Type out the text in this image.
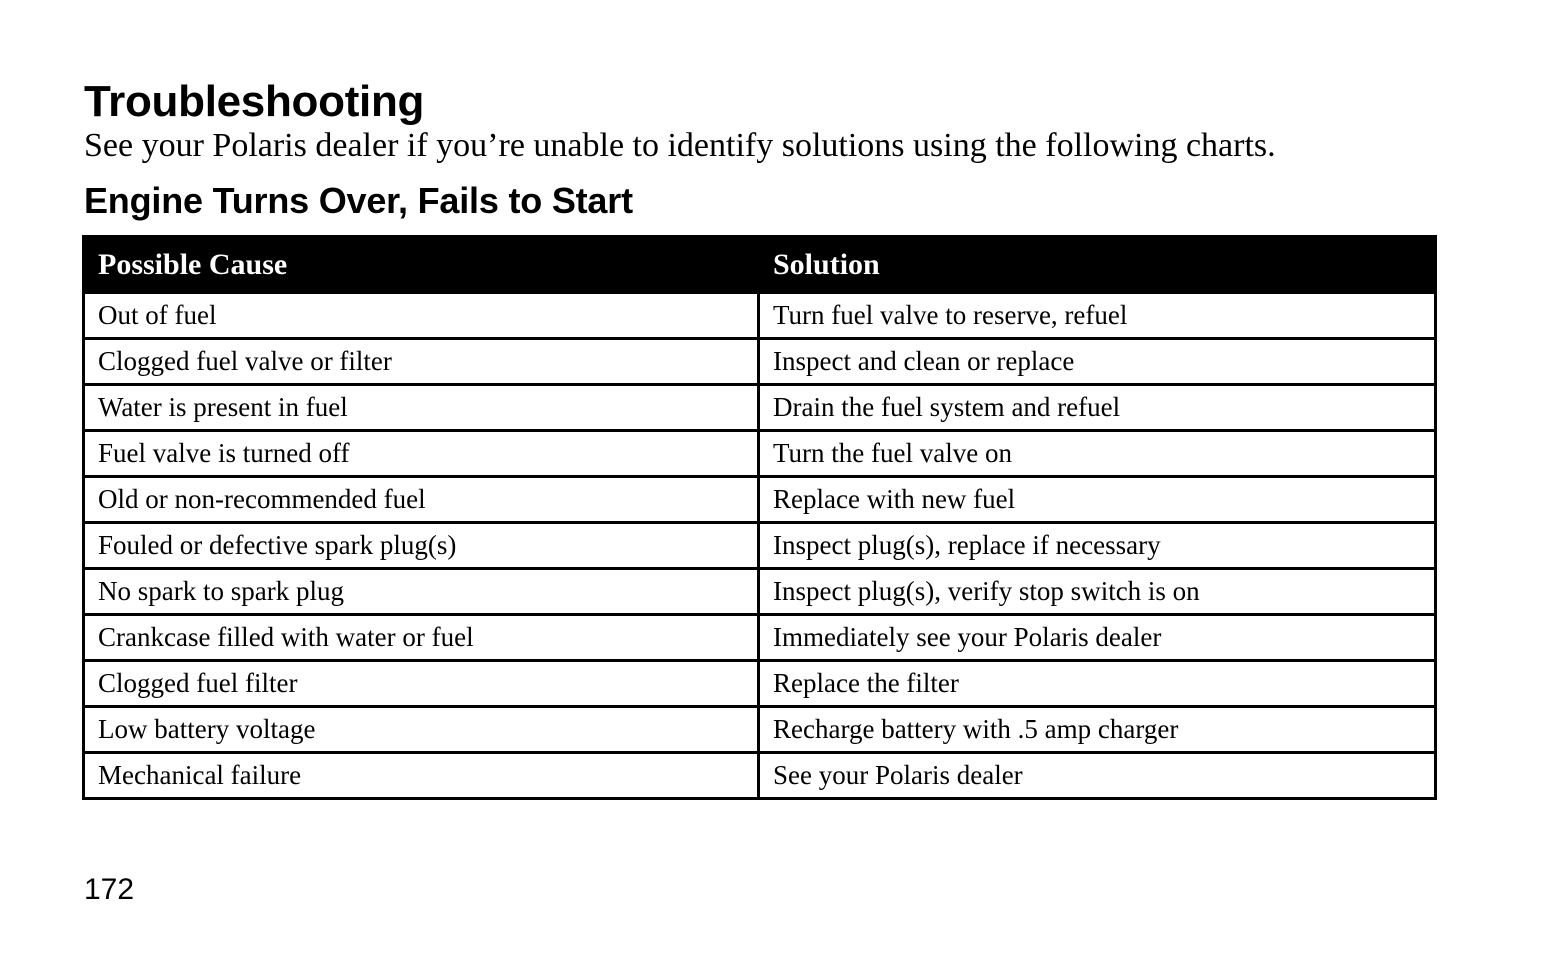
Troubleshooting

See your Polaris dealer if you’re unable to identify solutions using the following charts.

Engine Turns Over, Fails to Start
Possible Cause	Solution
Out of fuel	Turn fuel valve to reserve, refuel
Clogged fuel valve or filter	Inspect and clean or replace
Water is present in fuel	Drain the fuel system and refuel
Fuel valve is turned off	Turn the fuel valve on
Old or non-recommended fuel	Replace with new fuel
Fouled or defective spark plug(s)	Inspect plug(s), replace if necessary
No spark to spark plug	Inspect plug(s), verify stop switch is on
Crankcase filled with water or fuel	Immediately see your Polaris dealer
Clogged fuel filter	Replace the filter
Low battery voltage	Recharge battery with .5 amp charger
Mechanical failure	See your Polaris dealer

172
